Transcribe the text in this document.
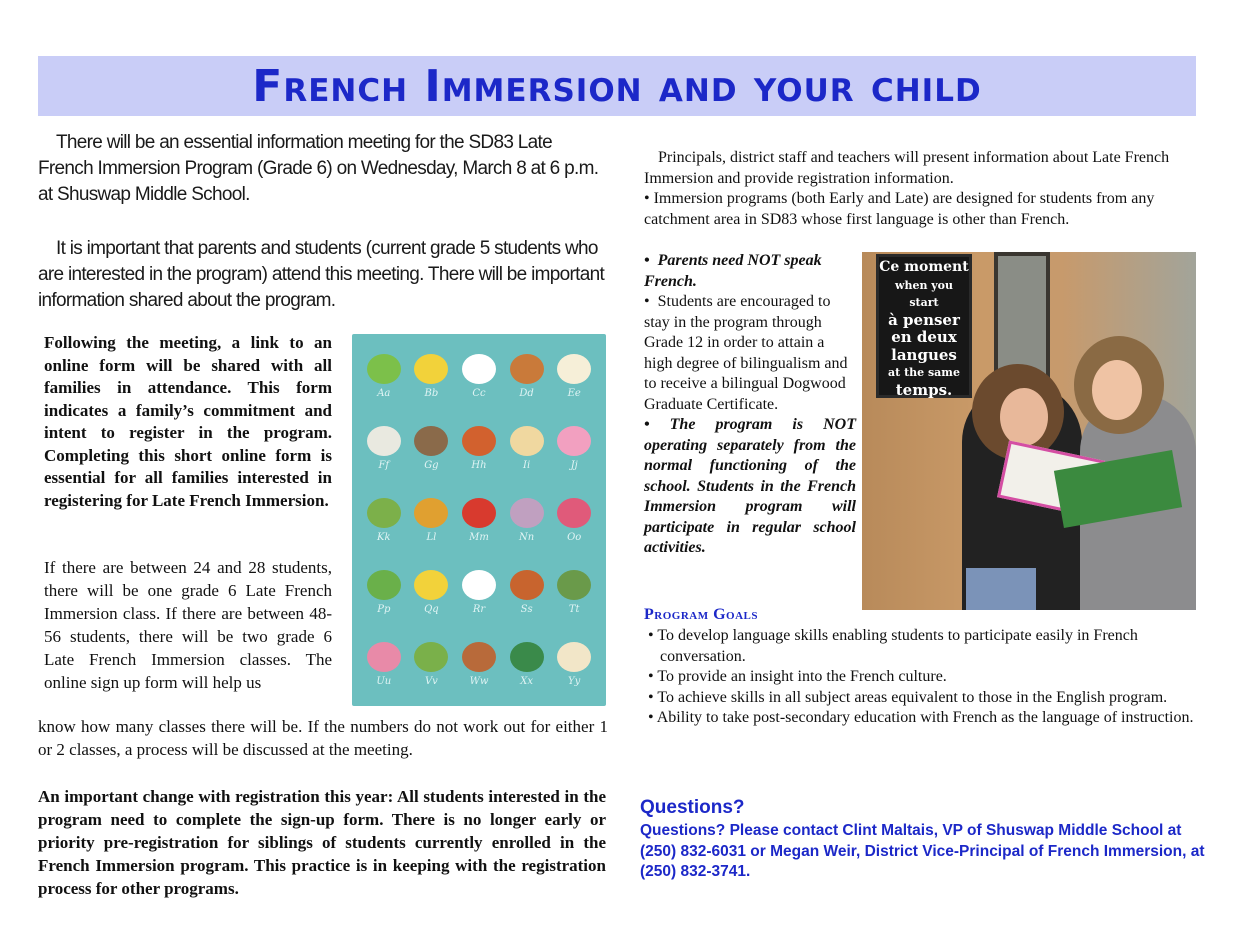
French Immersion and your child

There will be an essential information meeting for the SD83 Late French Immersion Program (Grade 6) on Wednesday, March 8 at 6 p.m. at Shuswap Middle School.

It is important that parents and students (current grade 5 students who are interested in the program) attend this meeting. There will be important information shared about the program.

Following the meeting, a link to an online form will be shared with all families in attendance. This form indicates a family’s commitment and intent to register in the program. Completing this short online form is essential for all families interested in registering for Late French Immersion.

If there are between 24 and 28 students, there will be one grade 6 Late French Immersion class. If there are between 48-56 students, there will be two grade 6 Late French Immersion classes. The online sign up form will help us

know how many classes there will be. If the numbers do not work out for either 1 or 2 classes, a process will be discussed at the meeting.

An important change with registration this year: All students interested in the program need to complete the sign-up form. There is no longer early or priority pre-registration for siblings of students currently enrolled in the French Immersion program. This practice is in keeping with the registration process for other programs.

Aa	Bb	Cc	Dd	Ee
Ff	Gg	Hh	Ii	Jj
Kk	Ll	Mm	Nn	Oo
Pp	Qq	Rr	Ss	Tt
Uu	Vv	Ww	Xx	Yy
Principals, district staff and teachers will present information about Late French Immersion and provide registration information.
• Immersion programs (both Early and Late) are designed for students from any catchment area in SD83 whose first language is other than French.
•  Parents need NOT speak French.
•  Students are encouraged to stay in the program through Grade 12 in order to attain a high degree of bilingualism and to receive a bilingual Dogwood Graduate Certificate.
• The program is NOT operating separately from the normal functioning of the school. Students in the French Immersion program will participate in regular school activities.
Ce moment
when you start
à penser
en deux
langues
at the same
temps.
Program Goals
• To develop language skills enabling students to participate easily in French conversation.
• To provide an insight into the French culture.
• To achieve skills in all subject areas equivalent to those in the English program.
• Ability to take post-secondary education with French as the language of instruction.
Questions?

Questions? Please contact Clint Maltais, VP of Shuswap Middle School at (250) 832-6031 or Megan Weir, District Vice-Principal of French Immersion, at (250) 832-3741.
